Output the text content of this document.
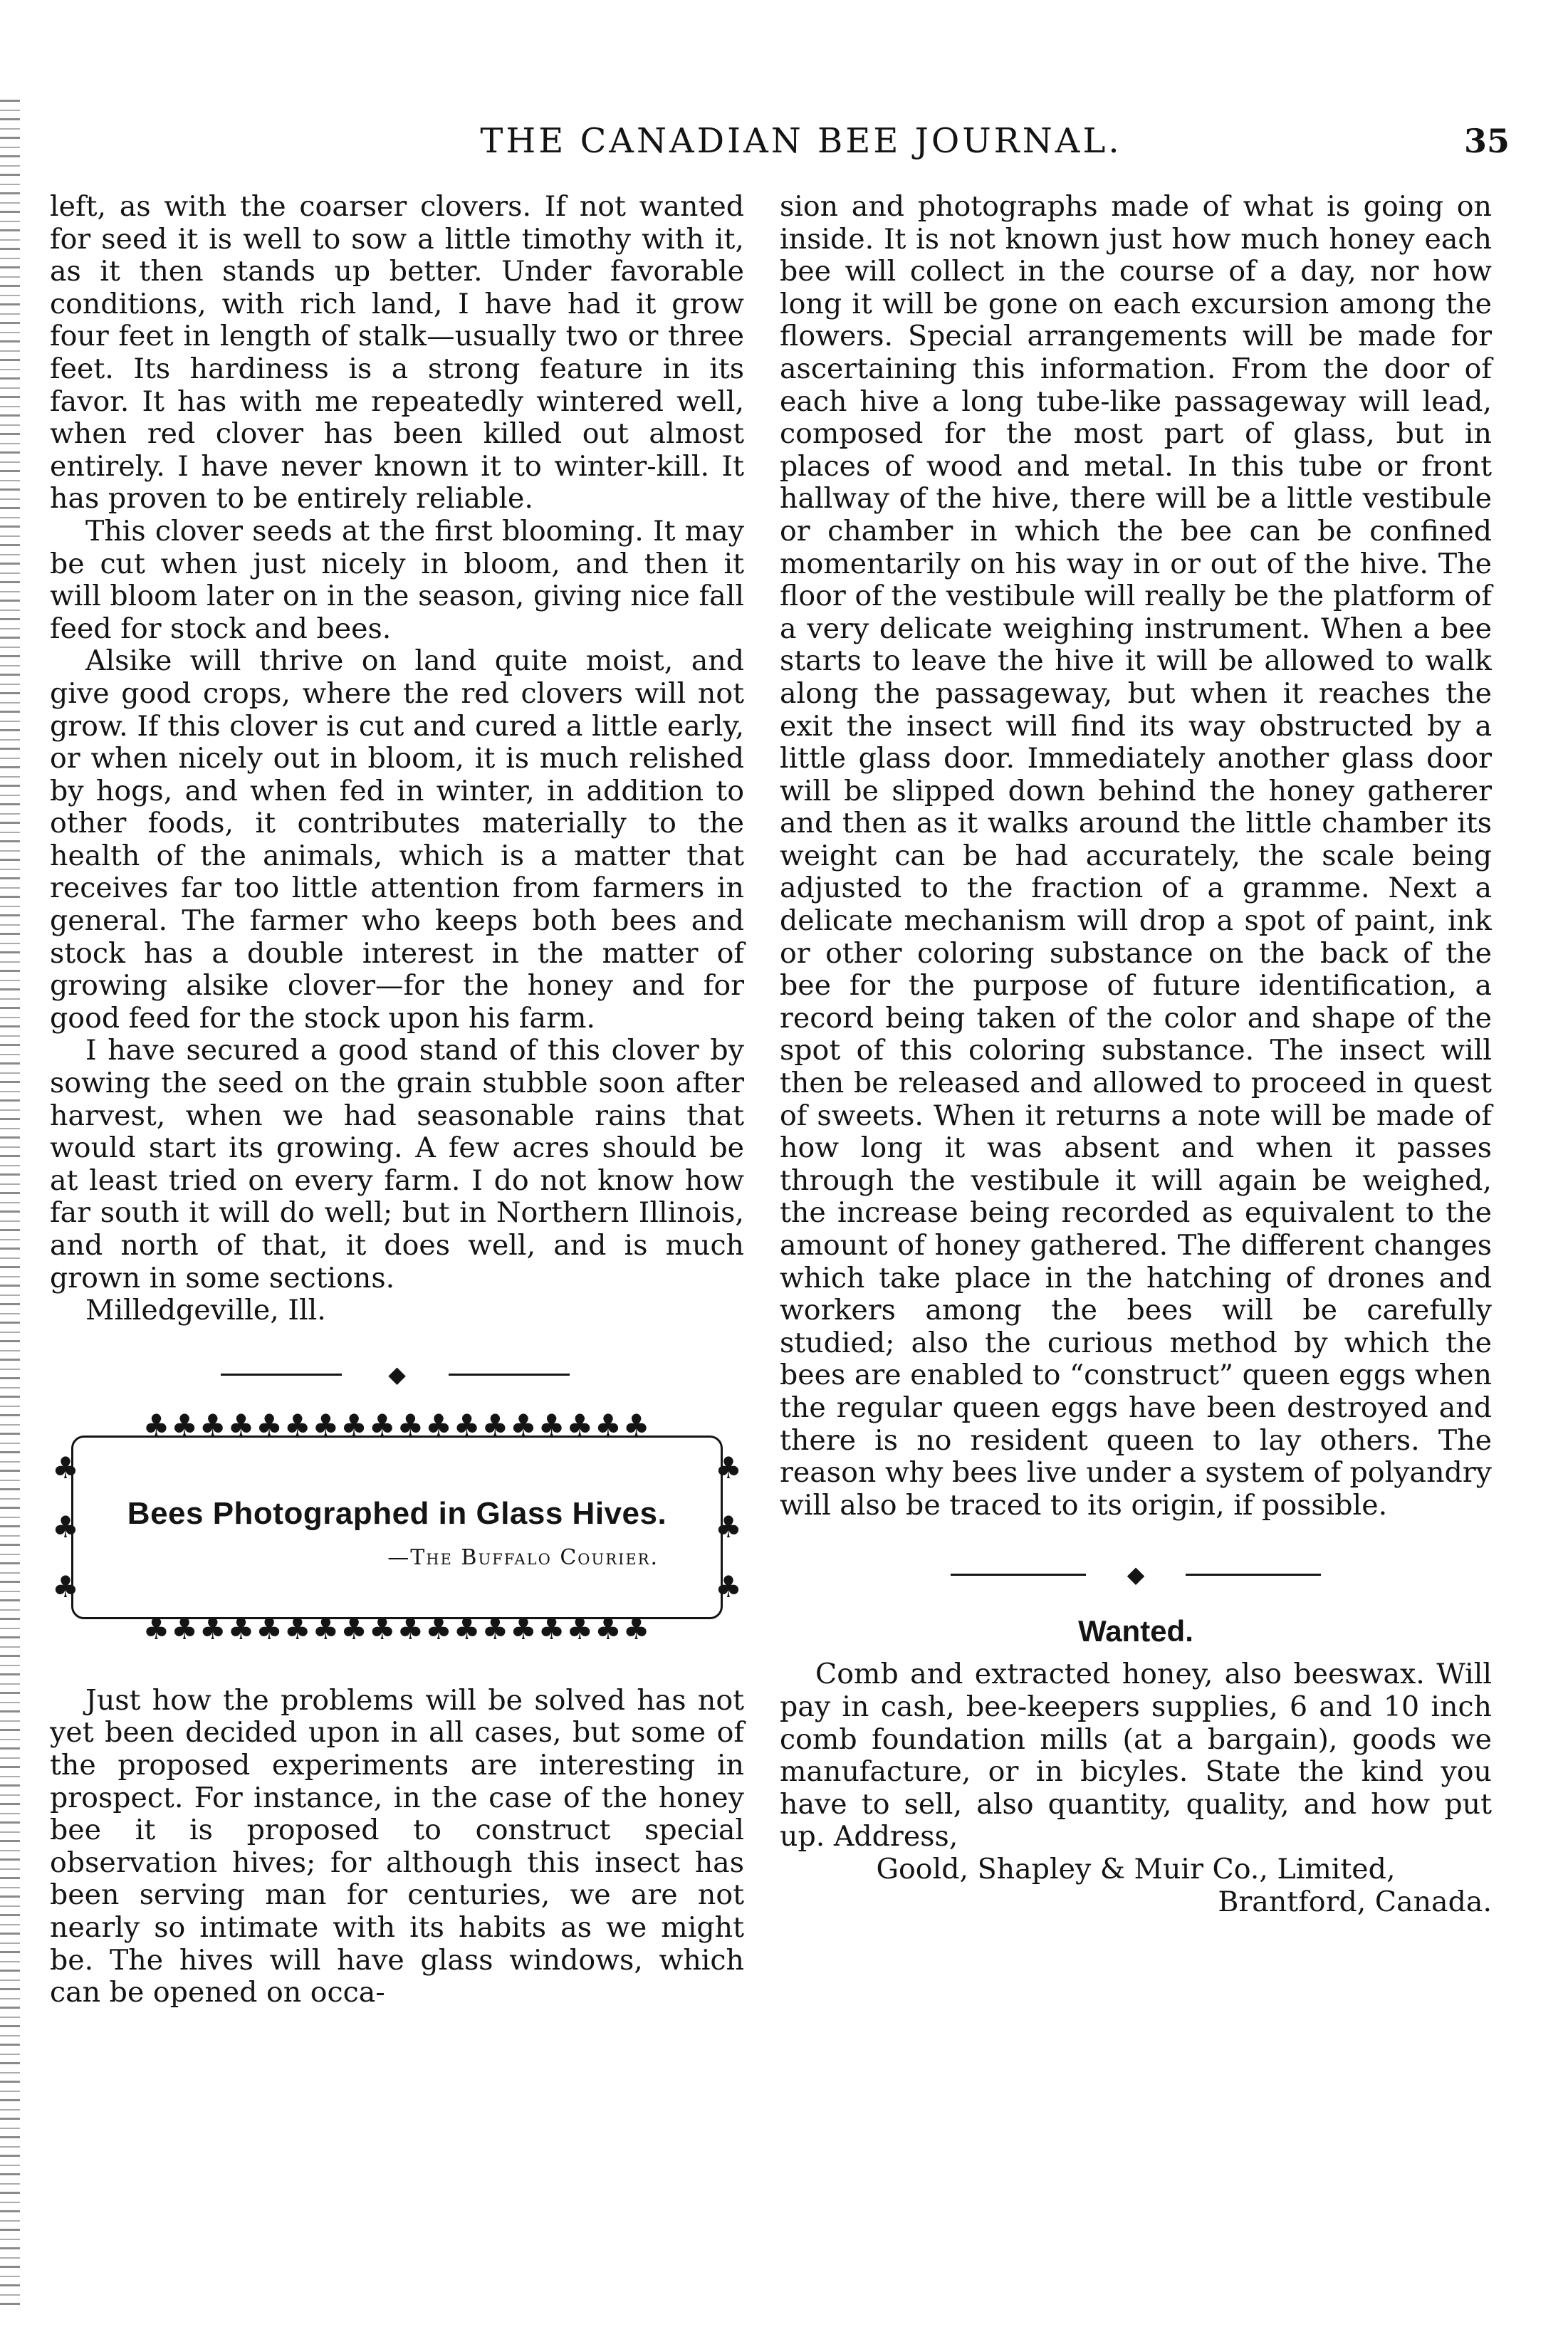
THE CANADIAN BEE JOURNAL.	35

left, as with the coarser clovers. If not wanted for seed it is well to sow a little timothy with it, as it then stands up better. Under favorable conditions, with rich land, I have had it grow four feet in length of stalk—usually two or three feet. Its hardiness is a strong feature in its favor. It has with me repeatedly wintered well, when red clover has been killed out almost entirely. I have never known it to winter-kill. It has proven to be entirely reliable.

This clover seeds at the first blooming. It may be cut when just nicely in bloom, and then it will bloom later on in the season, giving nice fall feed for stock and bees.

Alsike will thrive on land quite moist, and give good crops, where the red clovers will not grow. If this clover is cut and cured a little early, or when nicely out in bloom, it is much relished by hogs, and when fed in winter, in addition to other foods, it contributes materially to the health of the animals, which is a matter that receives far too little attention from farmers in general. The farmer who keeps both bees and stock has a double interest in the matter of growing alsike clover—for the honey and for good feed for the stock upon his farm.

I have secured a good stand of this clover by sowing the seed on the grain stubble soon after harvest, when we had seasonable rains that would start its growing. A few acres should be at least tried on every farm. I do not know how far south it will do well; but in Northern Illinois, and north of that, it does well, and is much grown in some sections.

Milledgeville, Ill.

◆
♣♣♣♣♣♣♣♣♣♣♣♣♣♣♣♣♣♣
♣
♣
♣
♣
♣
♣
Bees Photographed in Glass Hives.
—The Buffalo Courier.
♣♣♣♣♣♣♣♣♣♣♣♣♣♣♣♣♣♣

Just how the problems will be solved has not yet been decided upon in all cases, but some of the proposed experiments are interesting in prospect. For instance, in the case of the honey bee it is proposed to construct special observation hives; for although this insect has been serving man for centuries, we are not nearly so intimate with its habits as we might be. The hives will have glass windows, which can be opened on occa-

sion and photographs made of what is going on inside. It is not known just how much honey each bee will collect in the course of a day, nor how long it will be gone on each excursion among the flowers. Special arrangements will be made for ascertaining this information. From the door of each hive a long tube-like passageway will lead, composed for the most part of glass, but in places of wood and metal. In this tube or front hallway of the hive, there will be a little vestibule or chamber in which the bee can be confined momentarily on his way in or out of the hive. The floor of the vestibule will really be the platform of a very delicate weighing instrument. When a bee starts to leave the hive it will be allowed to walk along the passageway, but when it reaches the exit the insect will find its way obstructed by a little glass door. Immediately another glass door will be slipped down behind the honey gatherer and then as it walks around the little chamber its weight can be had accurately, the scale being adjusted to the fraction of a gramme. Next a delicate mechanism will drop a spot of paint, ink or other coloring substance on the back of the bee for the purpose of future identification, a record being taken of the color and shape of the spot of this coloring substance. The insect will then be released and allowed to proceed in quest of sweets. When it returns a note will be made of how long it was absent and when it passes through the vestibule it will again be weighed, the increase being recorded as equivalent to the amount of honey gathered. The different changes which take place in the hatching of drones and workers among the bees will be carefully studied; also the curious method by which the bees are enabled to “construct” queen eggs when the regular queen eggs have been destroyed and there is no resident queen to lay others. The reason why bees live under a system of polyandry will also be traced to its origin, if possible.

◆
Wanted.

Comb and extracted honey, also beeswax. Will pay in cash, bee-keepers supplies, 6 and 10 inch comb foundation mills (at a bargain), goods we manufacture, or in bicyles. State the kind you have to sell, also quantity, quality, and how put up. Address,

Goold, Shapley & Muir Co., Limited,

Brantford, Canada.
